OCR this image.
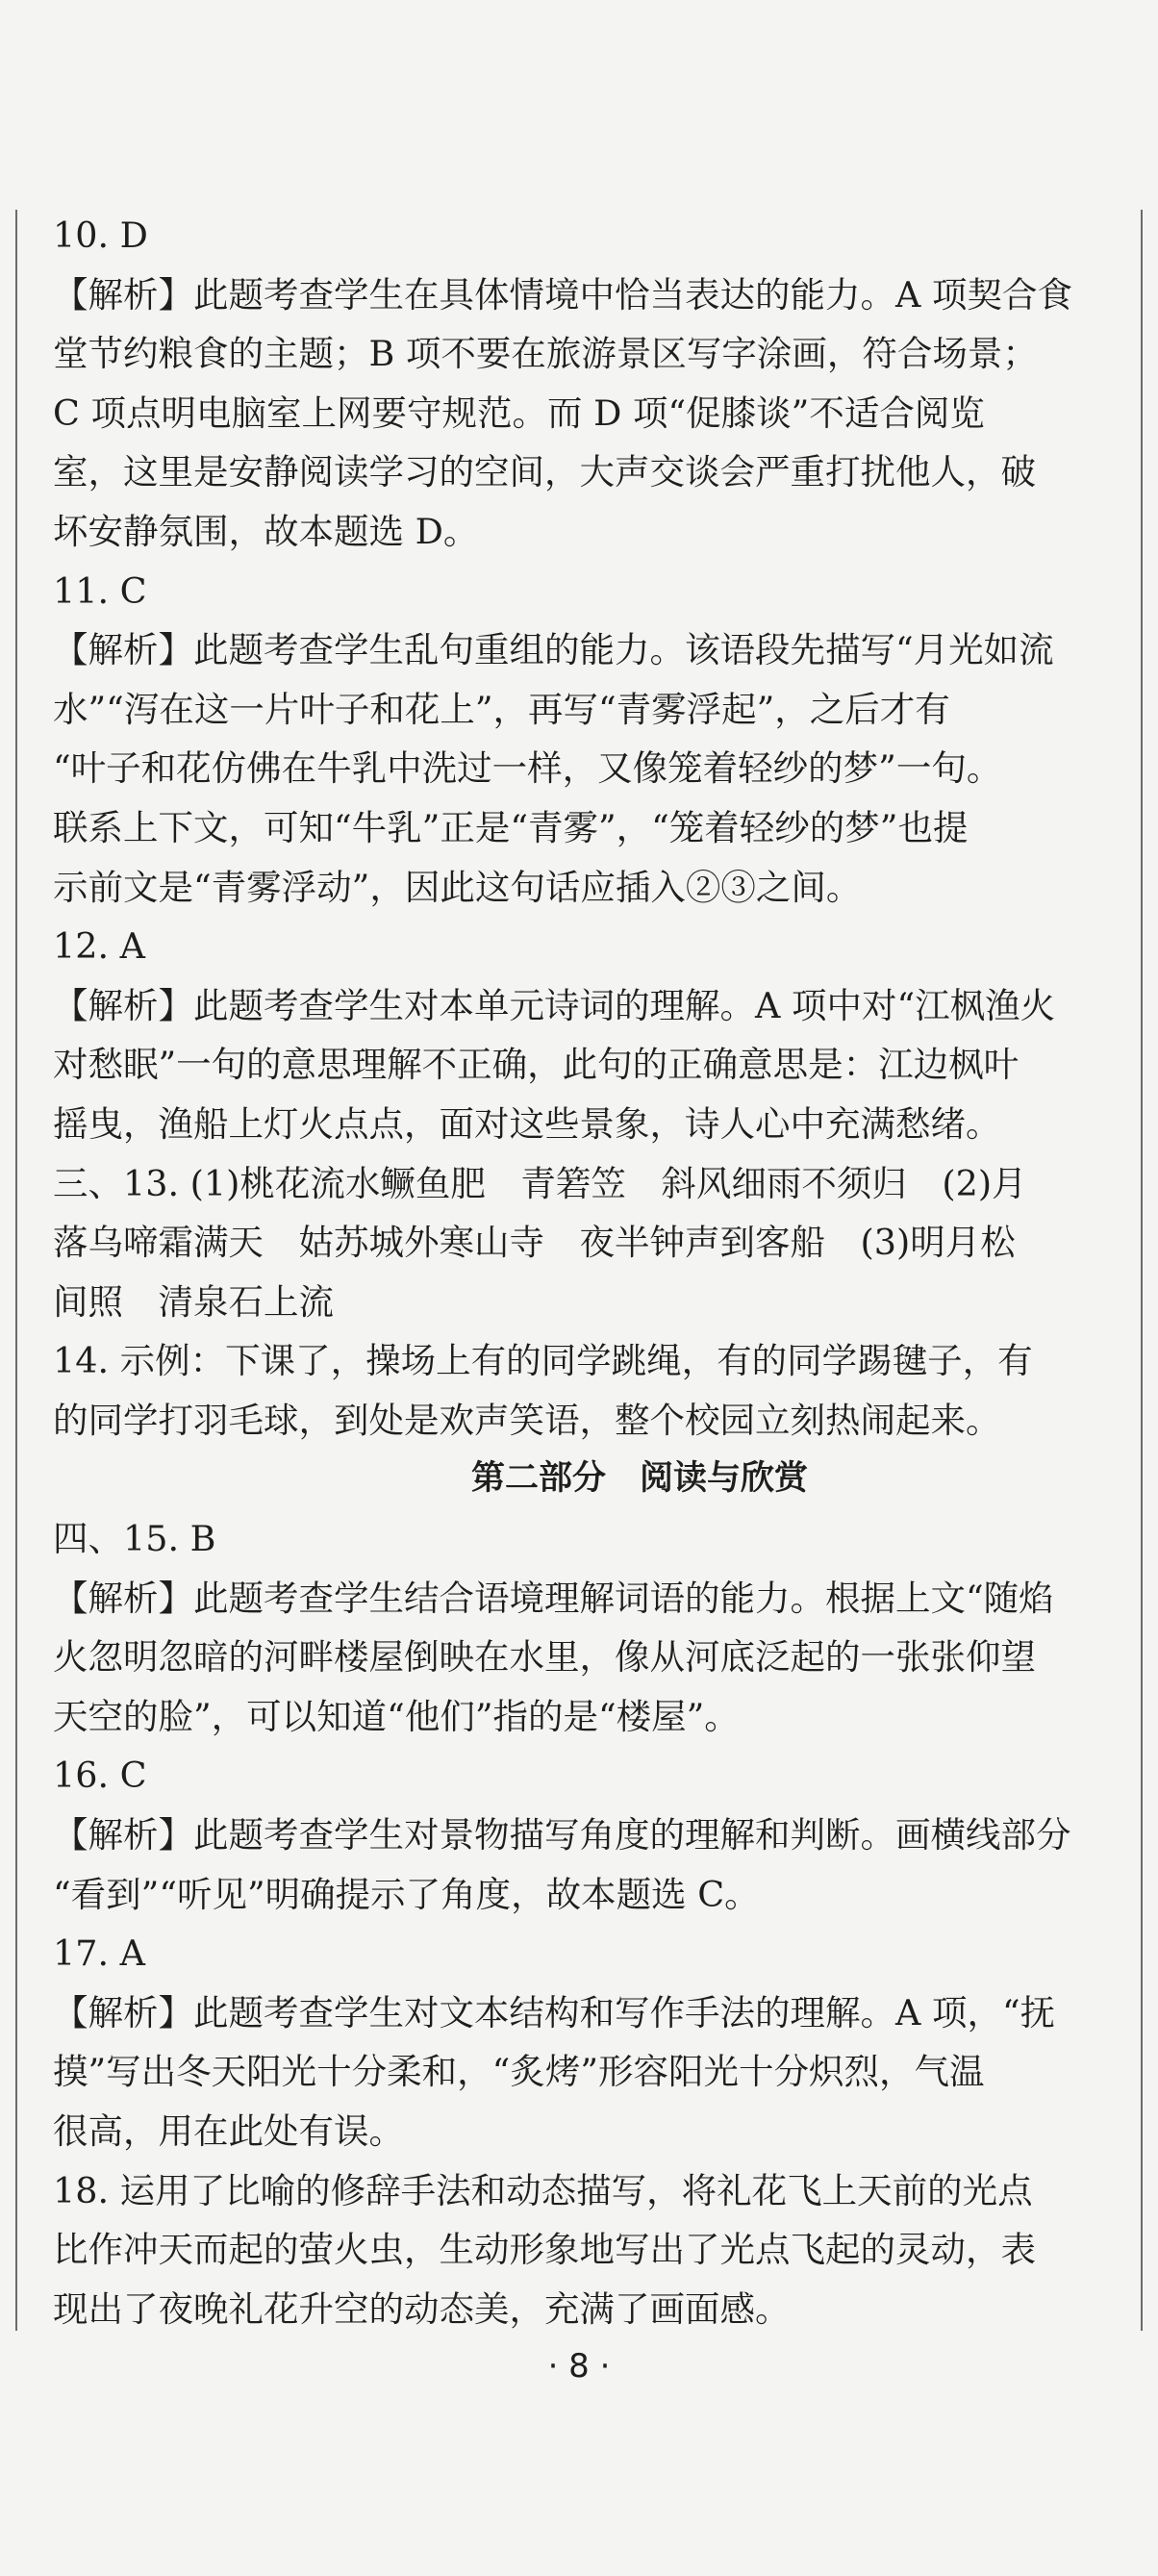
10. D
【解析】此题考查学生在具体情境中恰当表达的能力。A 项契合食
堂节约粮食的主题；B 项不要在旅游景区写字涂画，符合场景；
C 项点明电脑室上网要守规范。而 D 项“促膝谈”不适合阅览
室，这里是安静阅读学习的空间，大声交谈会严重打扰他人，破
坏安静氛围，故本题选 D。
11. C
【解析】此题考查学生乱句重组的能力。该语段先描写“月光如流
水”“泻在这一片叶子和花上”，再写“青雾浮起”，之后才有
“叶子和花仿佛在牛乳中洗过一样，又像笼着轻纱的梦”一句。
联系上下文，可知“牛乳”正是“青雾”，“笼着轻纱的梦”也提
示前文是“青雾浮动”，因此这句话应插入②③之间。
12. A
【解析】此题考查学生对本单元诗词的理解。A 项中对“江枫渔火
对愁眠”一句的意思理解不正确，此句的正确意思是：江边枫叶
摇曳，渔船上灯火点点，面对这些景象，诗人心中充满愁绪。
三、13. (1)桃花流水鳜鱼肥　青箬笠　斜风细雨不须归　(2)月
落乌啼霜满天　姑苏城外寒山寺　夜半钟声到客船　(3)明月松
间照　清泉石上流
14. 示例：下课了，操场上有的同学跳绳，有的同学踢毽子，有
的同学打羽毛球，到处是欢声笑语，整个校园立刻热闹起来。
第二部分　阅读与欣赏
四、15. B
【解析】此题考查学生结合语境理解词语的能力。根据上文“随焰
火忽明忽暗的河畔楼屋倒映在水里，像从河底泛起的一张张仰望
天空的脸”，可以知道“他们”指的是“楼屋”。
16. C
【解析】此题考查学生对景物描写角度的理解和判断。画横线部分
“看到”“听见”明确提示了角度，故本题选 C。
17. A
【解析】此题考查学生对文本结构和写作手法的理解。A 项，“抚
摸”写出冬天阳光十分柔和，“炙烤”形容阳光十分炽烈，气温
很高，用在此处有误。
18. 运用了比喻的修辞手法和动态描写，将礼花飞上天前的光点
比作冲天而起的萤火虫，生动形象地写出了光点飞起的灵动，表
现出了夜晚礼花升空的动态美，充满了画面感。
· 8 ·
